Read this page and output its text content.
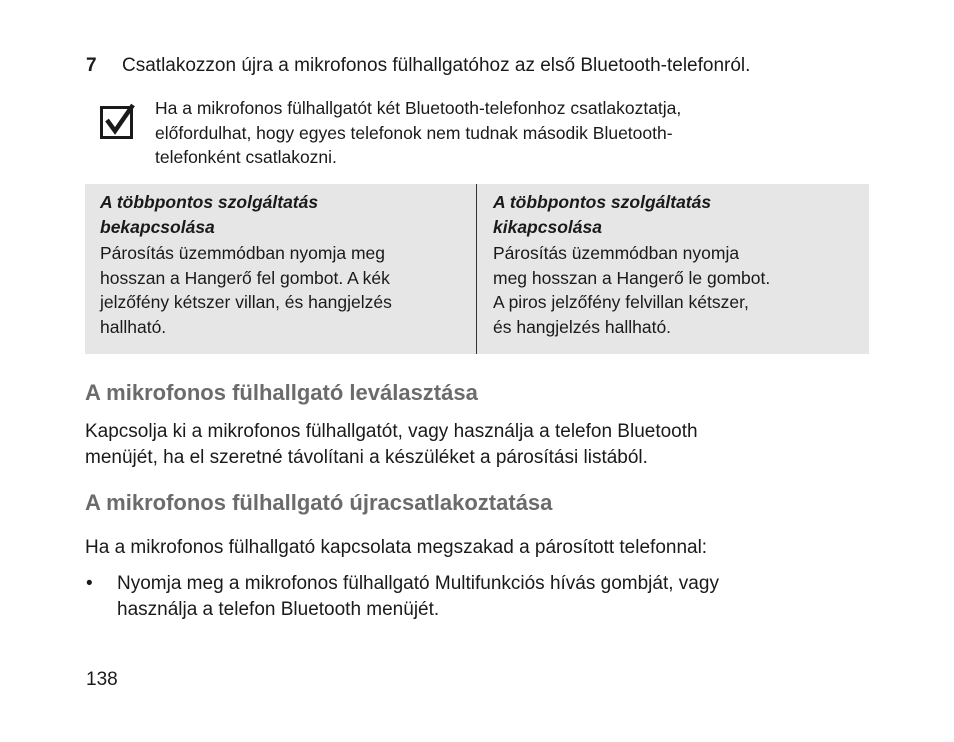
7 Csatlakozzon újra a mikrofonos fülhallgatóhoz az első Bluetooth-telefonról.
Ha a mikrofonos fülhallgatót két Bluetooth-telefonhoz csatlakoztatja,
előfordulhat, hogy egyes telefonok nem tudnak második Bluetooth-
telefonként csatlakozni.
A többpontos szolgáltatás
bekapcsolása
Párosítás üzemmódban nyomja meg
hosszan a Hangerő fel gombot. A kék
jelzőfény kétszer villan, és hangjelzés
hallható.
A többpontos szolgáltatás
kikapcsolása
Párosítás üzemmódban nyomja
meg hosszan a Hangerő le gombot.
A piros jelzőfény felvillan kétszer,
és hangjelzés hallható.
A mikrofonos fülhallgató leválasztása
Kapcsolja ki a mikrofonos fülhallgatót, vagy használja a telefon Bluetooth
menüjét, ha el szeretné távolítani a készüléket a párosítási listából.
A mikrofonos fülhallgató újracsatlakoztatása
Ha a mikrofonos fülhallgató kapcsolata megszakad a párosított telefonnal:
• Nyomja meg a mikrofonos fülhallgató Multifunkciós hívás gombját, vagy
használja a telefon Bluetooth menüjét.
138
